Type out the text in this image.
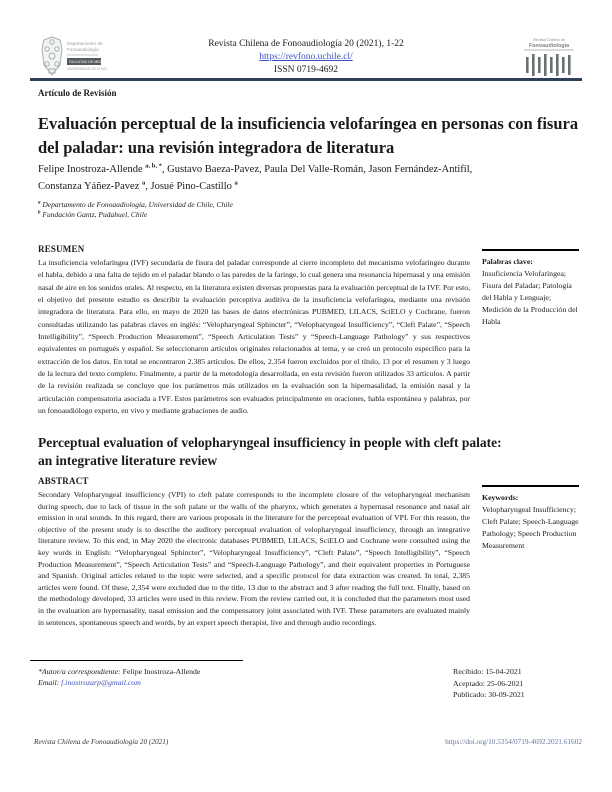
Departamento de
Fonoaudiología
FACULTAD DE MEDICINA
UNIVERSIDAD DE CHILE
Revista Chilena de Fonoaudiología 20 (2021), 1-22
https://revfono.uchile.cl/
ISSN 0719-4692
Revista Chilena de
Fonoaudiología
Artículo de Revisión
Evaluación perceptual de la insuficiencia velofaríngea en personas con fisura
del paladar: una revisión integradora de literatura
Felipe Inostroza-Allende $^{a, b, *}$, Gustavo Baeza-Pavez, Paula Del Valle-Román, Jason Fernández-Antifil,
Constanza Yáñez-Pavez $^a$, Josué Pino-Castillo $^a$
$^a$ Departamento de Fonoaudiología, Universidad de Chile, Chile
$^b$ Fundación Gantz, Pudahuel, Chile
RESUMEN
La insuficiencia velofaríngea (IVF) secundaria de fisura del paladar corresponde al cierre incompleto del mecanismo velofaríngeo durante el habla, debido a una falta de tejido en el paladar blando o las paredes de la faringe, lo cual genera una resonancia hipernasal y una emisión nasal de aire en los sonidos orales. Al respecto, en la literatura existen diversas propuestas para la evaluación perceptual de la IVF. Por esto, el objetivo del presente estudio es describir la evaluación perceptiva auditiva de la insuficiencia velofaríngea, mediante una revisión integradora de literatura. Para ello, en mayo de 2020 las bases de datos electrónicas PUBMED, LILACS, SciELO y Cochrane, fueron consultadas utilizando las palabras claves en inglés: “Velopharyngeal Sphincter”, “Velopharyngeal Insufficiency”, “Cleft Palate”, “Speech Intelligibility”, “Speech Production Measurement”, “Speech Articulation Tests” y “Speech-Language Pathology” y sus respectivos equivalentes en portugués y español. Se seleccionaron artículos originales relacionados al tema, y se creó un protocolo específico para la extracción de los datos. En total se encontraron 2.385 artículos. De ellos, 2.354 fueron excluidos por el título, 13 por el resumen y 3 luego de la lectura del texto completo. Finalmente, a partir de la metodología desarrollada, en esta revisión fueron utilizados 33 artículos. A partir de la revisión realizada se concluye que los parámetros más utilizados en la evaluación son la hipernasalidad, la emisión nasal y la articulación compensatoria asociada a IVF. Estos parámetros son evaluados principalmente en oraciones, habla espontánea y palabras, por un fonoaudiólogo experto, en vivo y mediante grabaciones de audio.
Palabras clave:
Insuficiencia Velofaríngea; Fisura del Paladar; Patología del Habla y Lenguaje; Medición de la Producción del Habla
Perceptual evaluation of velopharyngeal insufficiency in people with cleft palate:
an integrative literature review
ABSTRACT
Secondary Velopharyngeal insufficiency (VPI) to cleft palate corresponds to the incomplete closure of the velopharyngeal mechanism during speech, due to lack of tissue in the soft palate or the walls of the pharynx, which generates a hypernasal resonance and nasal air emission in oral sounds. In this regard, there are various proposals in the literature for the perceptual evaluation of VPI. For this reason, the objective of the present study is to describe the auditory perceptual evaluation of velopharyngeal insufficiency, through an integrative literature review. To this end, in May 2020 the electronic databases PUBMED, LILACS, SciELO and Cochrane were consulted using the key words in English: “Velopharyngeal Sphincter”, “Velopharyngeal Insufficiency”, “Cleft Palate”, “Speech Intelligibility”, “Speech Production Measurement”, “Speech Articulation Tests” and “Speech-Language Pathology”, and their equivalent properties in Portuguese and Spanish. Original articles related to the topic were selected, and a specific protocol for data extraction was created. In total, 2,385 articles were found. Of these, 2,354 were excluded due to the title, 13 due to the abstract and 3 after reading the full text. Finally, based on the methodology developed, 33 articles were used in this review. From the review carried out, it is concluded that the parameters most used in the evaluation are hypernasality, nasal emission and the compensatory joint associated with IVF. These parameters are evaluated mainly in sentences, spontaneous speech and words, by an expert speech therapist, live and through audio recordings.
Keywords:
Velopharyngeal Insufficiency; Cleft Palate; Speech-Language Pathology; Speech Production Measurement
*Autor/a correspondiente: Felipe Inostroza-Allende
Email: f.inostrozarp@gmail.com
Recibido: 15-04-2021
Aceptado: 25-06-2021
Publicado: 30-09-2021
Revista Chilena de Fonoaudiología 20 (2021)	https://doi.org/10.5354/0719-4692.2021.61602
